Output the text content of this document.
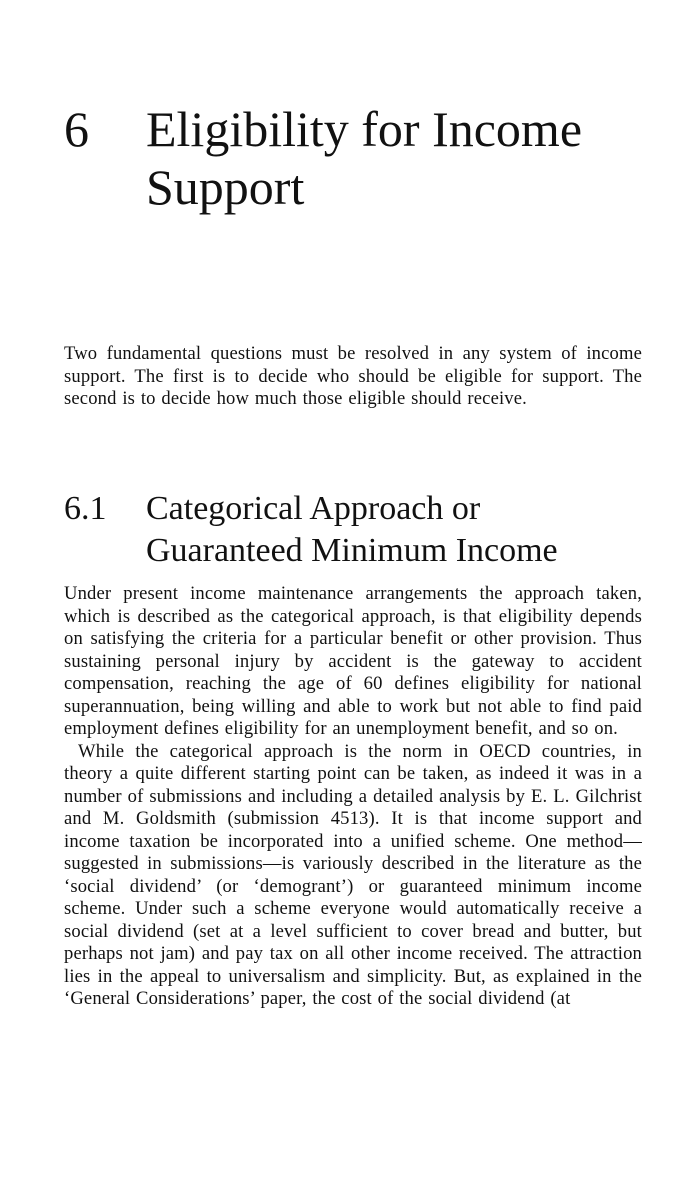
6 Eligibility for Income Support

Two fundamental questions must be resolved in any system of income support. The first is to decide who should be eligible for support. The second is to decide how much those eligible should receive.

6.1 Categorical Approach or Guaranteed Minimum Income

Under present income maintenance arrangements the approach taken, which is described as the categorical approach, is that eligibility depends on satisfying the criteria for a particular benefit or other provision. Thus sustaining personal injury by accident is the gateway to accident compensation, reaching the age of 60 defines eligibility for national superannuation, being willing and able to work but not able to find paid employment defines eligibility for an unemployment benefit, and so on.

While the categorical approach is the norm in OECD countries, in theory a quite different starting point can be taken, as indeed it was in a number of submissions and including a detailed analysis by E. L. Gilchrist and M. Goldsmith (submission 4513). It is that income support and income taxation be incorporated into a unified scheme. One method—suggested in submissions—is variously described in the literature as the ‘social dividend’ (or ‘demogrant’) or guaranteed minimum income scheme. Under such a scheme everyone would automatically receive a social dividend (set at a level sufficient to cover bread and butter, but perhaps not jam) and pay tax on all other income received. The attraction lies in the appeal to universalism and simplicity. But, as explained in the ‘General Considerations’ paper, the cost of the social dividend (at
